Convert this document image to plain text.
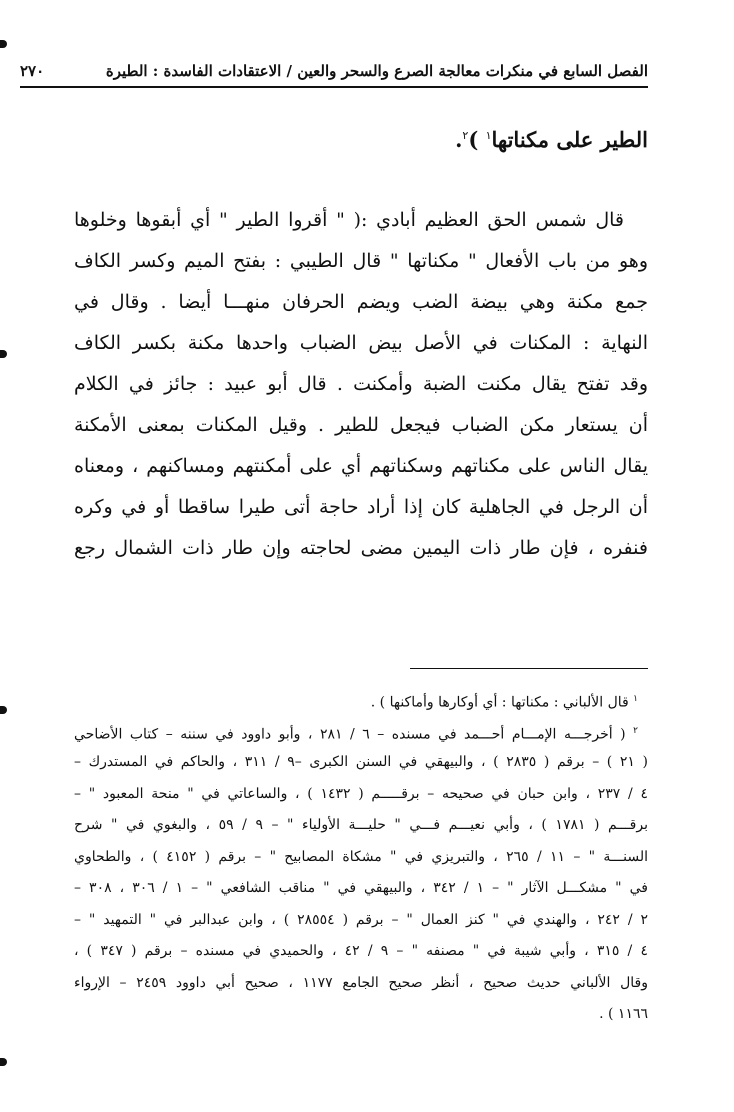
الفصل السابع في منكرات معالجة الصرع والسحر والعين / الاعتقادات الفاسدة : الطيرة
٢٧٠
الطير على مكناتها$^١$ )$^٢$.
قال شمس الحق العظيم أبادي :( " أقروا الطير " أي أبقوها وخلوها
وهو من باب الأفعال " مكناتها " قال الطيبي : بفتح الميم وكسر الكاف
جمع مكنة وهي بيضة الضب ويضم الحرفان منهـــا أيضا . وقال في
النهاية : المكنات في الأصل بيض الضباب واحدها مكنة بكسر الكاف
وقد تفتح يقال مكنت الضبة وأمكنت . قال أبو عبيد : جائز في الكلام
أن يستعار مكن الضباب فيجعل للطير . وقيل المكنات بمعنى الأمكنة
يقال الناس على مكناتهم وسكناتهم أي على أمكنتهم ومساكنهم ، ومعناه
أن الرجل في الجاهلية كان إذا أراد حاجة أتى طيرا ساقطا أو في وكره
فنفره ، فإن طار ذات اليمين مضى لحاجته وإن طار ذات الشمال رجع
$^١$ قال الألباني : مكناتها : أي أوكارها وأماكنها ) .
$^٢$ ( أخرجـــه الإمـــام أحـــمد في مسنده – ٦ / ٢٨١ ، وأبو داوود في سننه – كتاب الأضاحي
( ٢١ ) – برقم ( ٢٨٣٥ ) ، والبيهقي في السنن الكبرى –٩ / ٣١١ ، والحاكم في المستدرك –
٤ / ٢٣٧ ، وابن حبان في صحيحه – برقـــــم ( ١٤٣٢ ) ، والساعاتي في " منحة المعبود " –
برقـــم ( ١٧٨١ ) ، وأبي نعيـــم فـــي " حليـــة الأولياء " – ٩ / ٥٩ ، والبغوي في " شرح
السنـــة " – ١١ / ٢٦٥ ، والتبريزي في " مشكاة المصابيح " – برقم ( ٤١٥٢ ) ، والطحاوي
في " مشكـــل الآثار " – ١ / ٣٤٢ ، والبيهقي في " مناقب الشافعي " – ١ / ٣٠٦ ، ٣٠٨ –
٢ / ٢٤٢ ، والهندي في " كنز العمال " – برقم ( ٢٨٥٥٤ ) ، وابن عبدالبر في " التمهيد " –
٤ / ٣١٥ ، وأبي شيبة في " مصنفه " – ٩ / ٤٢ ، والحميدي في مسنده – برقم ( ٣٤٧ ) ،
وقال الألباني حديث صحيح ، أنظر صحيح الجامع ١١٧٧ ، صحيح أبي داوود ٢٤٥٩ – الإرواء
١١٦٦ ) .
